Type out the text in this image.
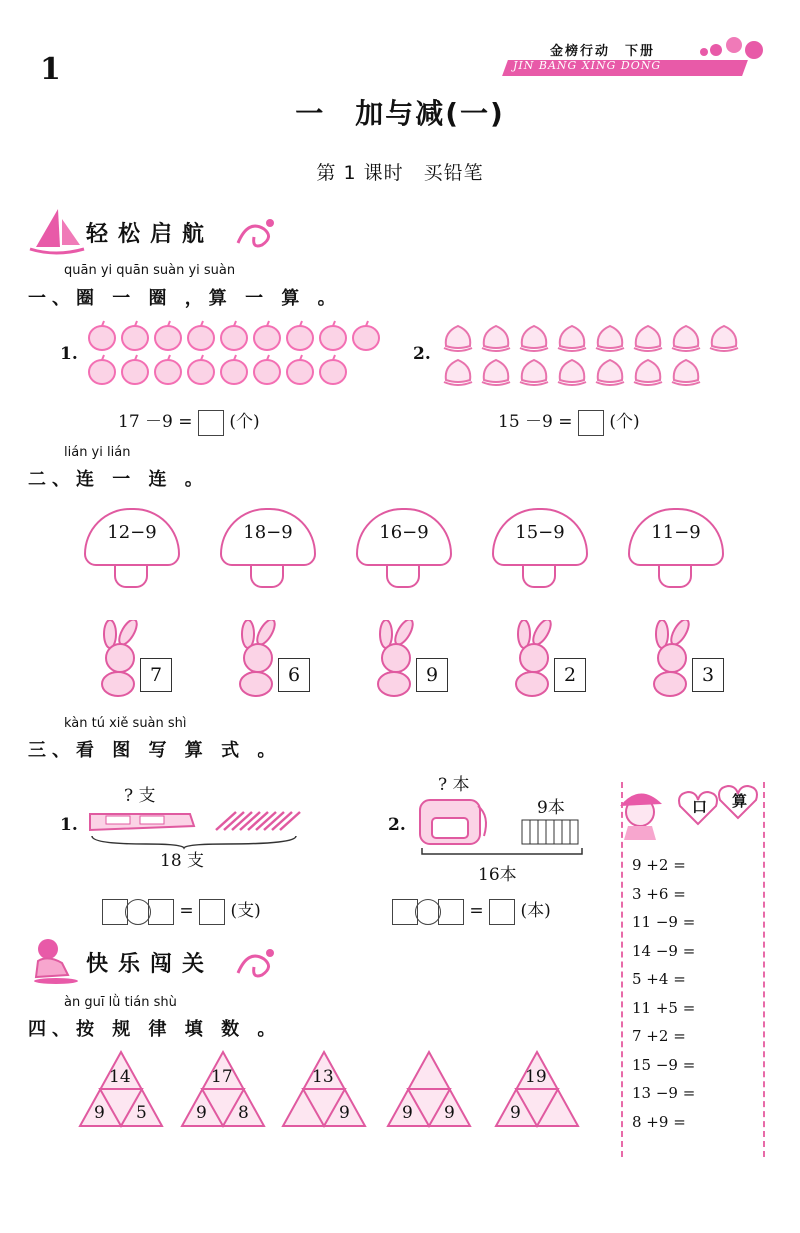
1
金榜行动　下册
JIN BANG XING DONG
一　加与减(一)
第 1 课时　买铅笔
轻松启航
quān yi quān suàn yi suàn
一、圈 一 圈 ，算 一 算 。
1.
17 －9 = (个)
2.
15 －9 = (个)
lián yi lián
二、连 一 连 。
12−9	18−9	16−9	15−9	11−9
7	6	9	2	3
kàn tú xiě suàn shì
三、看 图 写 算 式 。
1.
? 支
18 支
=  (支)
2.
? 本
9本
16本
=  (本)
快乐闯关
àn guī lǜ tián shù
四、按 规 律 填 数 。
14
9 5
17
9 8
13
9	9 9
19
9
口 算
9 +2 =
3 +6 =
11 −9 =
14 −9 =
5 +4 =
11 +5 =
7 +2 =
15 −9 =
13 −9 =
8 +9 =
